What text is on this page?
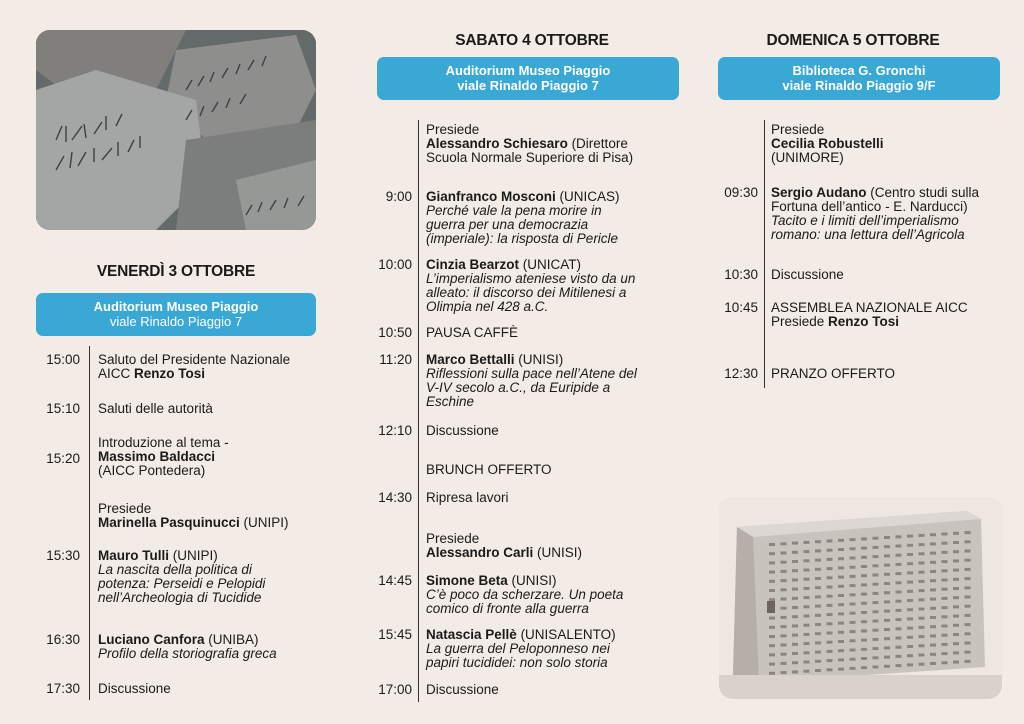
VENERDÌ 3 OTTOBRE
Auditorium Museo Piaggio
viale Rinaldo Piaggio 7
15:00 Saluto del Presidente Nazionale
AICC Renzo Tosi
15:10 Saluti delle autorità
15:20
Introduzione al tema -
Massimo Baldacci
(AICC Pontedera)
Presiede
Marinella Pasquinucci (UNIPI)
15:30 Mauro Tulli (UNIPI)
La nascita della politica di
potenza: Perseidi e Pelopidi
nell’Archeologia di Tucidide
16:30 Luciano Canfora (UNIBA)
Profilo della storiografia greca
17:30 Discussione
SABATO 4 OTTOBRE
Auditorium Museo Piaggio
viale Rinaldo Piaggio 7
Presiede
Alessandro Schiesaro (Direttore
Scuola Normale Superiore di Pisa)
9:00 Gianfranco Mosconi (UNICAS)
Perché vale la pena morire in
guerra per una democrazia
(imperiale): la risposta di Pericle
10:00 Cinzia Bearzot (UNICAT)
L’imperialismo ateniese visto da un
alleato: il discorso dei Mitilenesi a
Olimpia nel 428 a.C.
10:50 PAUSA CAFFÈ
11:20 Marco Bettalli (UNISI)
Riflessioni sulla pace nell’Atene del
V-IV secolo a.C., da Euripide a
Eschine
12:10 Discussione
BRUNCH OFFERTO
14:30 Ripresa lavori
Presiede
Alessandro Carli (UNISI)
14:45 Simone Beta (UNISI)
C’è poco da scherzare. Un poeta
comico di fronte alla guerra
15:45 Natascia Pellè (UNISALENTO)
La guerra del Peloponneso nei
papiri tucididei: non solo storia
17:00 Discussione
DOMENICA 5 OTTOBRE
Biblioteca G. Gronchi
viale Rinaldo Piaggio 9/F
Presiede
Cecilia Robustelli
(UNIMORE)
09:30 Sergio Audano (Centro studi sulla
Fortuna dell’antico - E. Narducci)
Tacito e i limiti dell’imperialismo
romano: una lettura dell’Agricola
10:30 Discussione
10:45 ASSEMBLEA NAZIONALE AICC
Presiede Renzo Tosi
12:30 PRANZO OFFERTO
